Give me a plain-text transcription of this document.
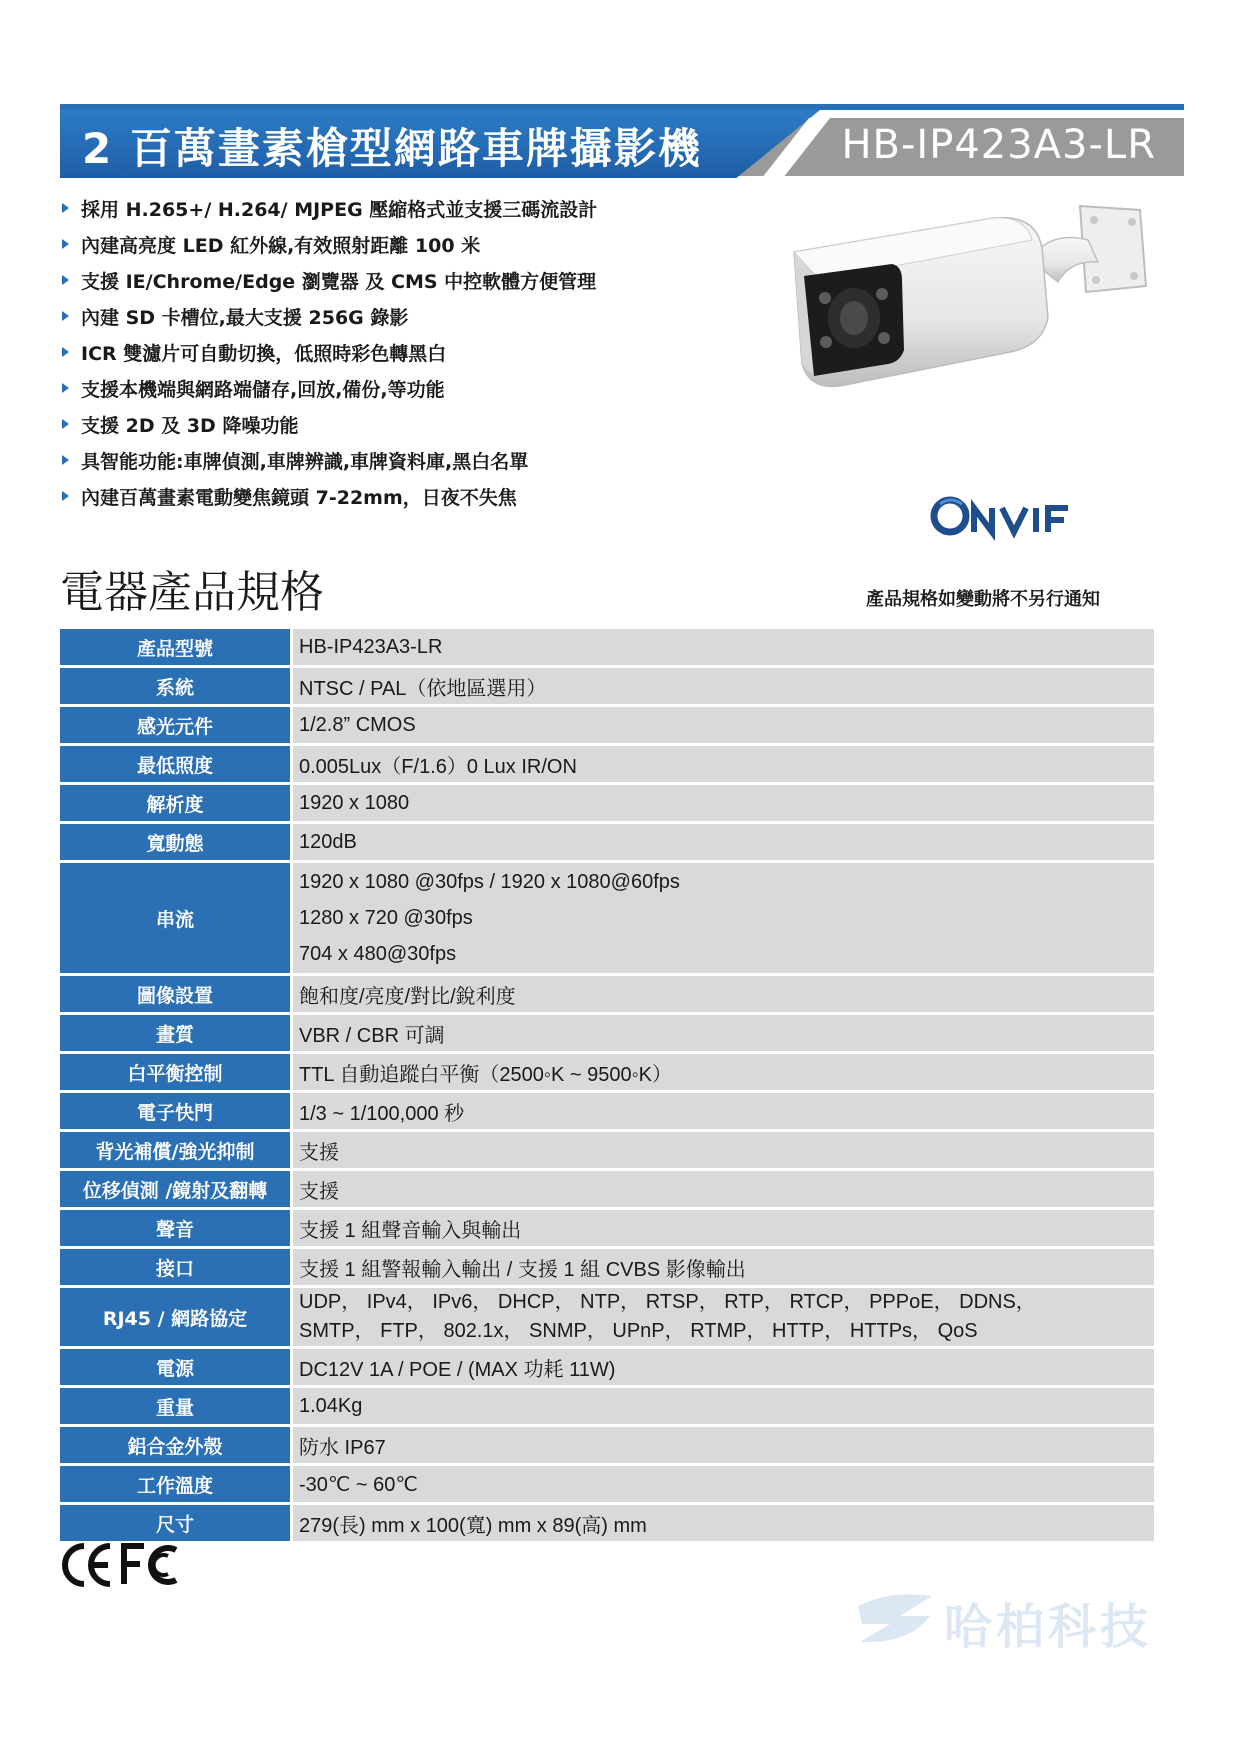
2 百萬畫素槍型網路車牌攝影機	HB-IP423A3-LR
採用 H.265+/ H.264/ MJPEG 壓縮格式並支援三碼流設計
內建高亮度 LED 紅外線,有效照射距離 100 米
支援 IE/Chrome/Edge 瀏覽器 及 CMS 中控軟體方便管理
內建 SD 卡槽位,最大支援 256G 錄影
ICR 雙濾片可自動切換，低照時彩色轉黑白
支援本機端與網路端儲存,回放,備份,等功能
支援 2D 及 3D 降噪功能
具智能功能:車牌偵測,車牌辨識,車牌資料庫,黑白名單
內建百萬畫素電動變焦鏡頭 7-22mm，日夜不失焦
電器產品規格	產品規格如變動將不另行通知
產品型號	HB-IP423A3-LR
系統	NTSC / PAL（依地區選用）
感光元件	1/2.8” CMOS
最低照度	0.005Lux（F/1.6）0 Lux IR/ON
解析度	1920 x 1080
寬動態	120dB
串流	1920 x 1080 @30fps / 1920 x 1080@60fps
1280 x 720 @30fps
704 x 480@30fps

圖像設置	飽和度/亮度/對比/銳利度
畫質	VBR / CBR 可調
白平衡控制	TTL 自動追蹤白平衡（2500◦K ~ 9500◦K）
電子快門	1/3 ~ 1/100,000 秒
背光補償/強光抑制	支援
位移偵測 /鏡射及翻轉	支援
聲音	支援 1 組聲音輸入與輸出
接口	支援 1 組警報輸入輸出 / 支援 1 組 CVBS 影像輸出
RJ45 / 網路協定	UDP， IPv4， IPv6， DHCP， NTP， RTSP， RTP， RTCP， PPPoE， DDNS，
SMTP， FTP， 802.1x， SNMP， UPnP， RTMP， HTTP， HTTPs， QoS

電源	DC12V 1A / POE / (MAX 功耗 11W)
重量	1.04Kg
鋁合金外殼	防水 IP67
工作溫度	-30℃ ~ 60℃
尺寸	279(長) mm x 100(寬) mm x 89(高) mm
哈柏科技
